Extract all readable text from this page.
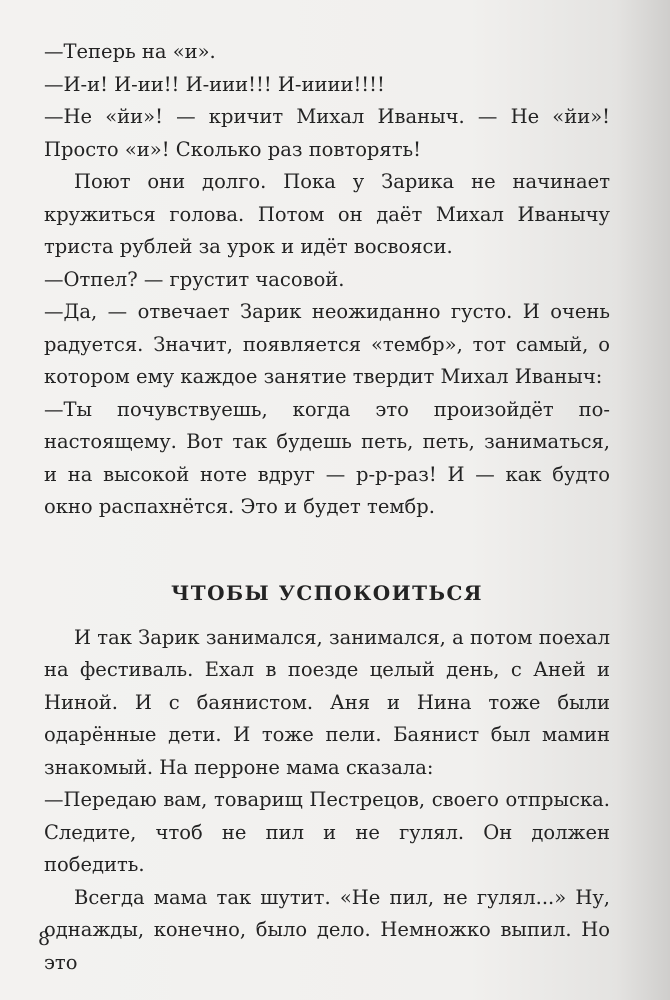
—Теперь на «и».

—И-и! И-ии!! И-иии!!! И-ииии!!!!

—Не «йи»! — кричит Михал Иваныч. — Не «йи»! Просто «и»! Сколько раз повторять!

Поют они долго. Пока у Зарика не начинает кружиться голова. Потом он даёт Михал Иванычу триста рублей за урок и идёт восвояси.

—Отпел? — грустит часовой.

—Да, — отвечает Зарик неожиданно густо. И очень радуется. Значит, появляется «тембр», тот самый, о котором ему каждое занятие твердит Михал Иваныч:

—Ты почувствуешь, когда это произойдёт по-настоящему. Вот так будешь петь, петь, заниматься, и на высокой ноте вдруг — р-р-раз! И — как будто окно распахнётся. Это и будет тембр.

ЧТОБЫ УСПОКОИТЬСЯ

И так Зарик занимался, занимался, а потом поехал на фестиваль. Ехал в поезде целый день, с Аней и Ниной. И с баянистом. Аня и Нина тоже были одарённые дети. И тоже пели. Баянист был мамин знакомый. На перроне мама сказала:

—Передаю вам, товарищ Пестрецов, своего отпрыска. Следите, чтоб не пил и не гулял. Он должен победить.

Всегда мама так шутит. «Не пил, не гулял...» Ну, однажды, конечно, было дело. Немножко выпил. Но это

8
